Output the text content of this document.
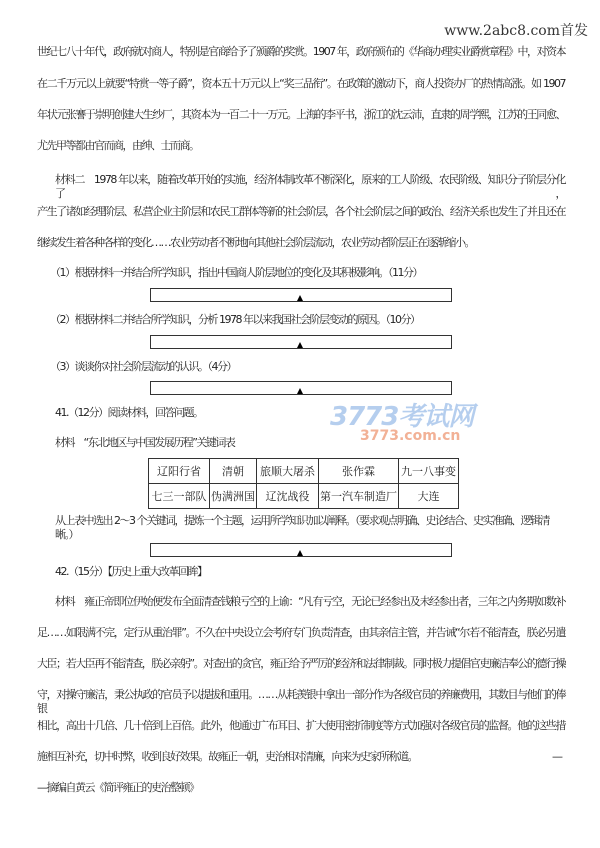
www.2abc8.com首发
世纪七八十年代，政府就对商人，特别是官商给予了颁爵的奖赏。1907 年，政府颁布的《华商办理实业爵赏章程》中，对资本
在二千万元以上就要“特赏一等子爵”，资本五十万元以上“奖三品衔”。在政策的激动下，商人投资办厂的热情高涨。如 1907
年状元张謇于崇明创建大生纱厂，其资本为一百二十一万元。上海的李平书，浙江的沈云沛，直隶的周学熙，江苏的王同愈、
尤先甲等都由官而商，由绅、士而商。
材料二　1978 年以来，随着改革开始的实施，经济体制改革不断深化，原来的工人阶级、农民阶级、知识分子阶层分化了，
产生了诸如经理阶层、私营企业主阶层和农民工群体等新的社会阶层，各个社会阶层之间的政治、经济关系也发生了并且还在
继续发生着各种各样的变化……农业劳动者不断地向其他社会阶层流动，农业劳动者阶层正在逐渐缩小。
（1）根据材料一并结合所学知识，指出中国商人阶层地位的变化及其积极影响。（11分）
（2）根据材料二并结合所学知识，分析 1978 年以来我国社会阶层变动的原因。（10分）
（3）谈谈你对社会阶层流动的认识。（4分）
3773考试网
3773.com.cn
41.（12分）阅读材料，回答问题。
材料　“东北地区与中国发展历程”关键词表
辽阳行省	清朝	旅顺大屠杀	张作霖	九一八事变
七三一部队	伪满洲国	辽沈战役	第一汽车制造厂	大连
从上表中选出 2～3 个关键词，提炼一个主题，运用所学知识加以阐释。（要求观点明确、史论结合、史实准确、逻辑清晰。）
42.（15分）【历史上重大改革回眸】
材料　雍正帝即位伊始便发布全面清查钱粮亏空的上谕：“凡有亏空，无论已经参出及未经参出者，三年之内务期如数补
足……如限满不完，定行从重治罪”。不久在中央设立会考府专门负责清查，由其亲信主管，并告诫“尔若不能清查，朕必另遣
大臣；若大臣再不能清查，朕必亲躬”。对查出的贪官，雍正给予严厉的经济和法律制裁。同时极力提倡官吏廉洁奉公的德行操
守，对操守廉洁，秉公执政的官员予以提拔和重用。……从耗羡银中拿出一部分作为各级官员的养廉费用，其数目与他们的俸银
相比，高出十几倍、几十倍到上百倍。此外，他通过广布耳目、扩大使用密折制度等方式加强对各级官员的监督。他的这些措
施相互补充，切中时弊，收到良好效果。故雍正一朝，吏治相对清廉，向来为史家所称道。	—
—摘编自黄云《简评雍正的吏治整顿》
